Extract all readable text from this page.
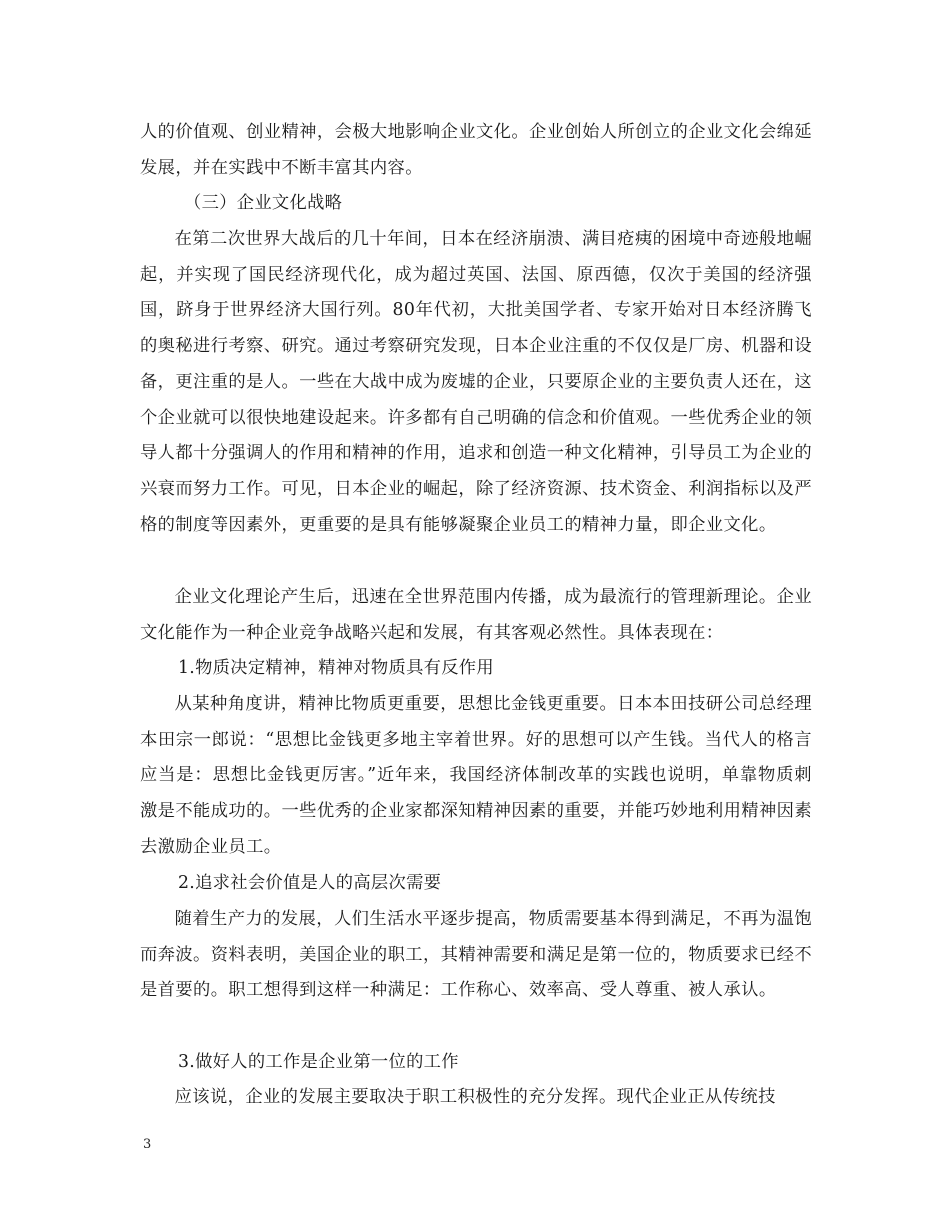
人的价值观、创业精神，会极大地影响企业文化。企业创始人所创立的企业文化会绵延发展，并在实践中不断丰富其内容。

（三）企业文化战略

在第二次世界大战后的几十年间，日本在经济崩溃、满目疮痍的困境中奇迹般地崛起，并实现了国民经济现代化，成为超过英国、法国、原西德，仅次于美国的经济强国，跻身于世界经济大国行列。80年代初，大批美国学者、专家开始对日本经济腾飞的奥秘进行考察、研究。通过考察研究发现，日本企业注重的不仅仅是厂房、机器和设备，更注重的是人。一些在大战中成为废墟的企业，只要原企业的主要负责人还在，这个企业就可以很快地建设起来。许多都有自己明确的信念和价值观。一些优秀企业的领导人都十分强调人的作用和精神的作用，追求和创造一种文化精神，引导员工为企业的兴衰而努力工作。可见，日本企业的崛起，除了经济资源、技术资金、利润指标以及严格的制度等因素外，更重要的是具有能够凝聚企业员工的精神力量，即企业文化。

企业文化理论产生后，迅速在全世界范围内传播，成为最流行的管理新理论。企业文化能作为一种企业竞争战略兴起和发展，有其客观必然性。具体表现在：

1.物质决定精神，精神对物质具有反作用

从某种角度讲，精神比物质更重要，思想比金钱更重要。日本本田技研公司总经理本田宗一郎说：“思想比金钱更多地主宰着世界。好的思想可以产生钱。当代人的格言应当是：思想比金钱更厉害。”近年来，我国经济体制改革的实践也说明，单靠物质刺激是不能成功的。一些优秀的企业家都深知精神因素的重要，并能巧妙地利用精神因素去激励企业员工。

2.追求社会价值是人的高层次需要

随着生产力的发展，人们生活水平逐步提高，物质需要基本得到满足，不再为温饱而奔波。资料表明，美国企业的职工，其精神需要和满足是第一位的，物质要求已经不是首要的。职工想得到这样一种满足：工作称心、效率高、受人尊重、被人承认。

3.做好人的工作是企业第一位的工作

应该说，企业的发展主要取决于职工积极性的充分发挥。现代企业正从传统技

3
